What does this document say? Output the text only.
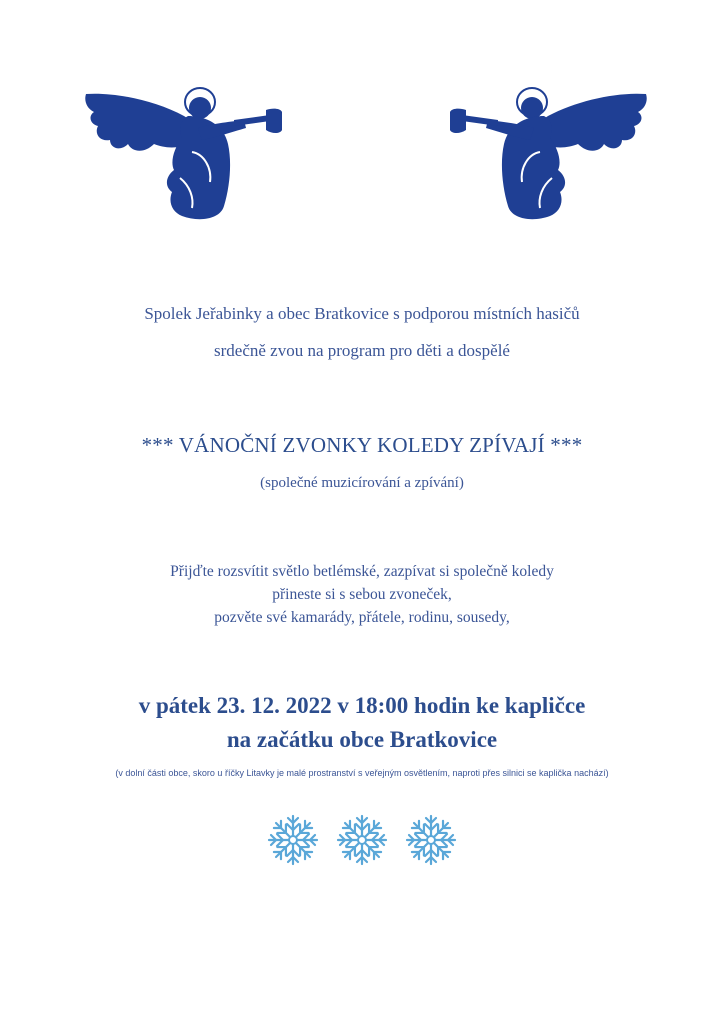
Spolek Jeřabinky a obec Bratkovice s podporou místních hasičů
srdečně zvou na program pro děti a dospělé
*** VÁNOČNÍ ZVONKY KOLEDY ZPÍVAJÍ ***
(společné muzicírování a zpívání)
Přijďte rozsvítit světlo betlémské, zazpívat si společně koledy
přineste si s sebou zvoneček,
pozvěte své kamarády, přátele, rodinu, sousedy,
v pátek 23. 12. 2022 v 18:00 hodin ke kapličce
na začátku obce Bratkovice
(v dolní části obce, skoro u říčky Litavky je malé prostranství s veřejným osvětlením, naproti přes silnici se kaplička nachází)
